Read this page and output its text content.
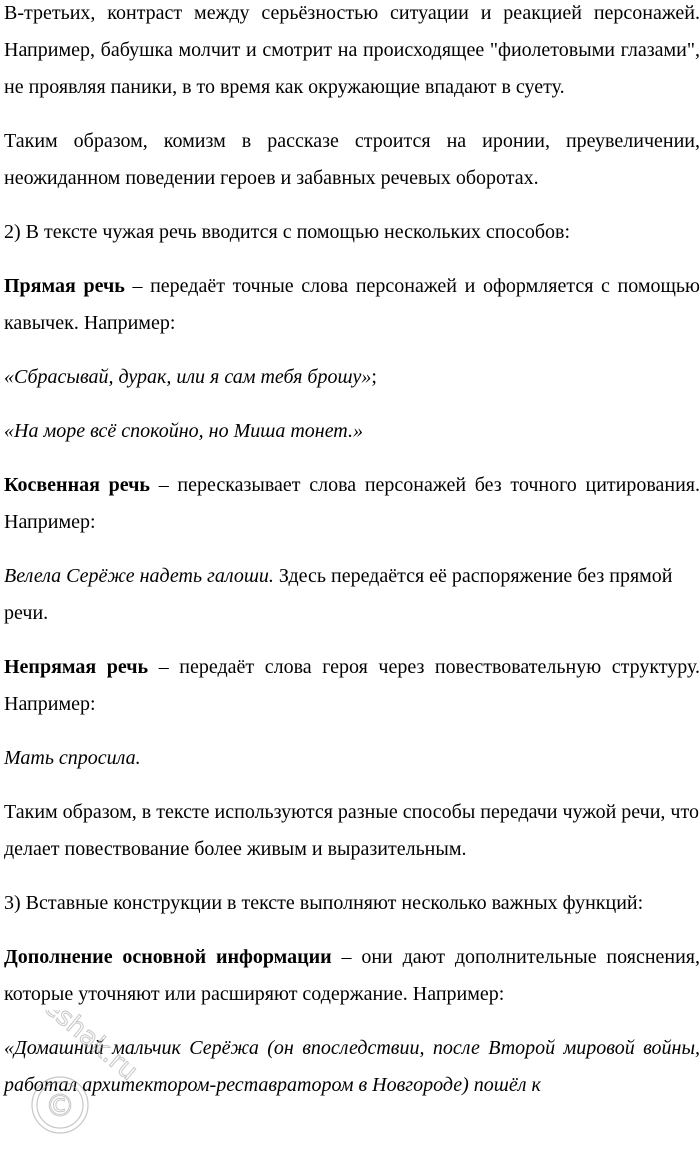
В-третьих, контраст между серьёзностью ситуации и реакцией персонажей. Например, бабушка молчит и смотрит на происходящее "фиолетовыми глазами", не проявляя паники, в то время как окружающие впадают в суету.

Таким образом, комизм в рассказе строится на иронии, преувеличении, неожиданном поведении героев и забавных речевых оборотах.

2) В тексте чужая речь вводится с помощью нескольких способов:

Прямая речь – передаёт точные слова персонажей и оформляется с помощью кавычек. Например:

«Сбрасывай, дурак, или я сам тебя брошу»;

«На море всё спокойно, но Миша тонет.»

Косвенная речь – пересказывает слова персонажей без точного цитирования. Например:

Велела Серёже надеть галоши. Здесь передаётся её распоряжение без прямой речи.

Непрямая речь – передаёт слова героя через повествовательную структуру. Например:

Мать спросила.

Таким образом, в тексте используются разные способы передачи чужой речи, что делает повествование более живым и выразительным.

3) Вставные конструкции в тексте выполняют несколько важных функций:

Дополнение основной информации – они дают дополнительные пояснения, которые уточняют или расширяют содержание. Например:

«Домашний мальчик Серёжа (он впоследствии, после Второй мировой войны, работал архитектором-реставратором в Новгороде) пошёл к

©
reshak.ru
